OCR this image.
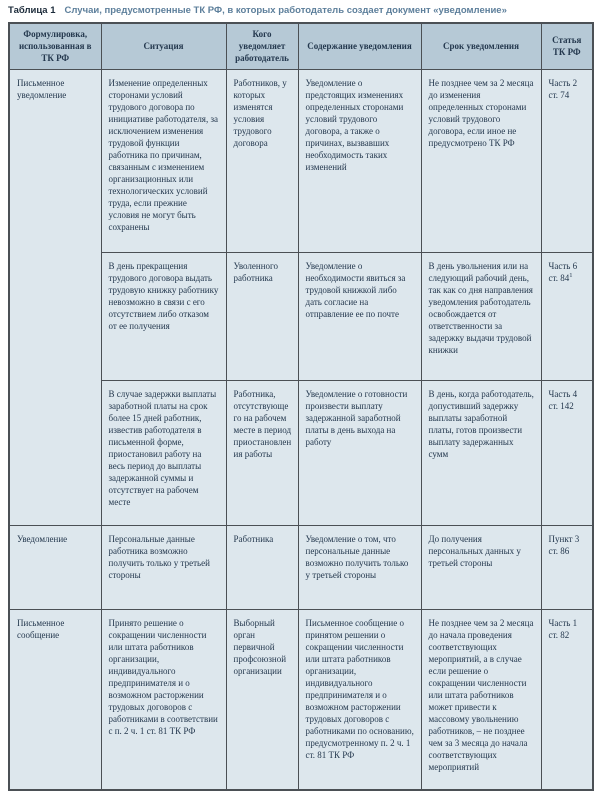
Таблица 1 Случаи, предусмотренные ТК РФ, в которых работодатель создает документ «уведомление»
Формулировка, использованная в ТК РФ	Ситуация	Кого уведомляет работодатель	Содержание уведомления	Срок уведомления	Статья ТК РФ
Письменное уведомление	Изменение определенных сторонами условий трудового договора по инициативе работодателя, за исключением изменения трудовой функции работника по причинам, связанным с изменением организационных или технологических условий труда, если прежние условия не могут быть сохранены	Работников, у которых изменятся условия трудового договора	Уведомление о предстоящих изменениях определенных сторонами условий трудового договора, а также о причинах, вызвавших необходимость таких изменений	Не позднее чем за 2 месяца до изменения определенных сторонами условий трудового договора, если иное не предусмотрено ТК РФ	Часть 2 ст. 74
	В день прекращения трудового договора выдать трудовую книжку работнику невозможно в связи с его отсутствием либо отказом от ее получения	Уволенного работника	Уведомление о необходимости явиться за трудовой книжкой либо дать согласие на отправление ее по почте	В день увольнения или на следующий рабочий день, так как со дня направления уведомления работодатель освобождается от ответственности за задержку выдачи трудовой книжки	Часть 6 ст. $84^1$
	В случае задержки выплаты заработной платы на срок более 15 дней работник, известив работодателя в письменной форме, приостановил работу на весь период до выплаты задержанной суммы и отсутствует на рабочем месте	Работника, отсутствующего на рабочем месте в период приостановления работы	Уведомление о готовности произвести выплату задержанной заработной платы в день выхода на работу	В день, когда работодатель, допустивший задержку выплаты заработной платы, готов произвести выплату задержанных сумм	Часть 4 ст. 142
Уведомление	Персональные данные работника возможно получить только у третьей стороны	Работника	Уведомление о том, что персональные данные возможно получить только у третьей стороны	До получения персональных данных у третьей стороны	Пункт 3 ст. 86
Письменное сообщение	Принято решение о сокращении численности или штата работников организации, индивидуального предпринимателя и о возможном расторжении трудовых договоров с работниками в соответствии с п. 2 ч. 1 ст. 81 ТК РФ	Выборный орган первичной профсоюзной организации	Письменное сообщение о принятом решении о сокращении численности или штата работников организации, индивидуального предпринимателя и о возможном расторжении трудовых договоров с работниками по основанию, предусмотренному п. 2 ч. 1 ст. 81 ТК РФ	Не позднее чем за 2 месяца до начала проведения соответствующих мероприятий, а в случае если решение о сокращении численности или штата работников может привести к массовому увольнению работников, – не позднее чем за 3 месяца до начала соответствующих мероприятий	Часть 1 ст. 82
